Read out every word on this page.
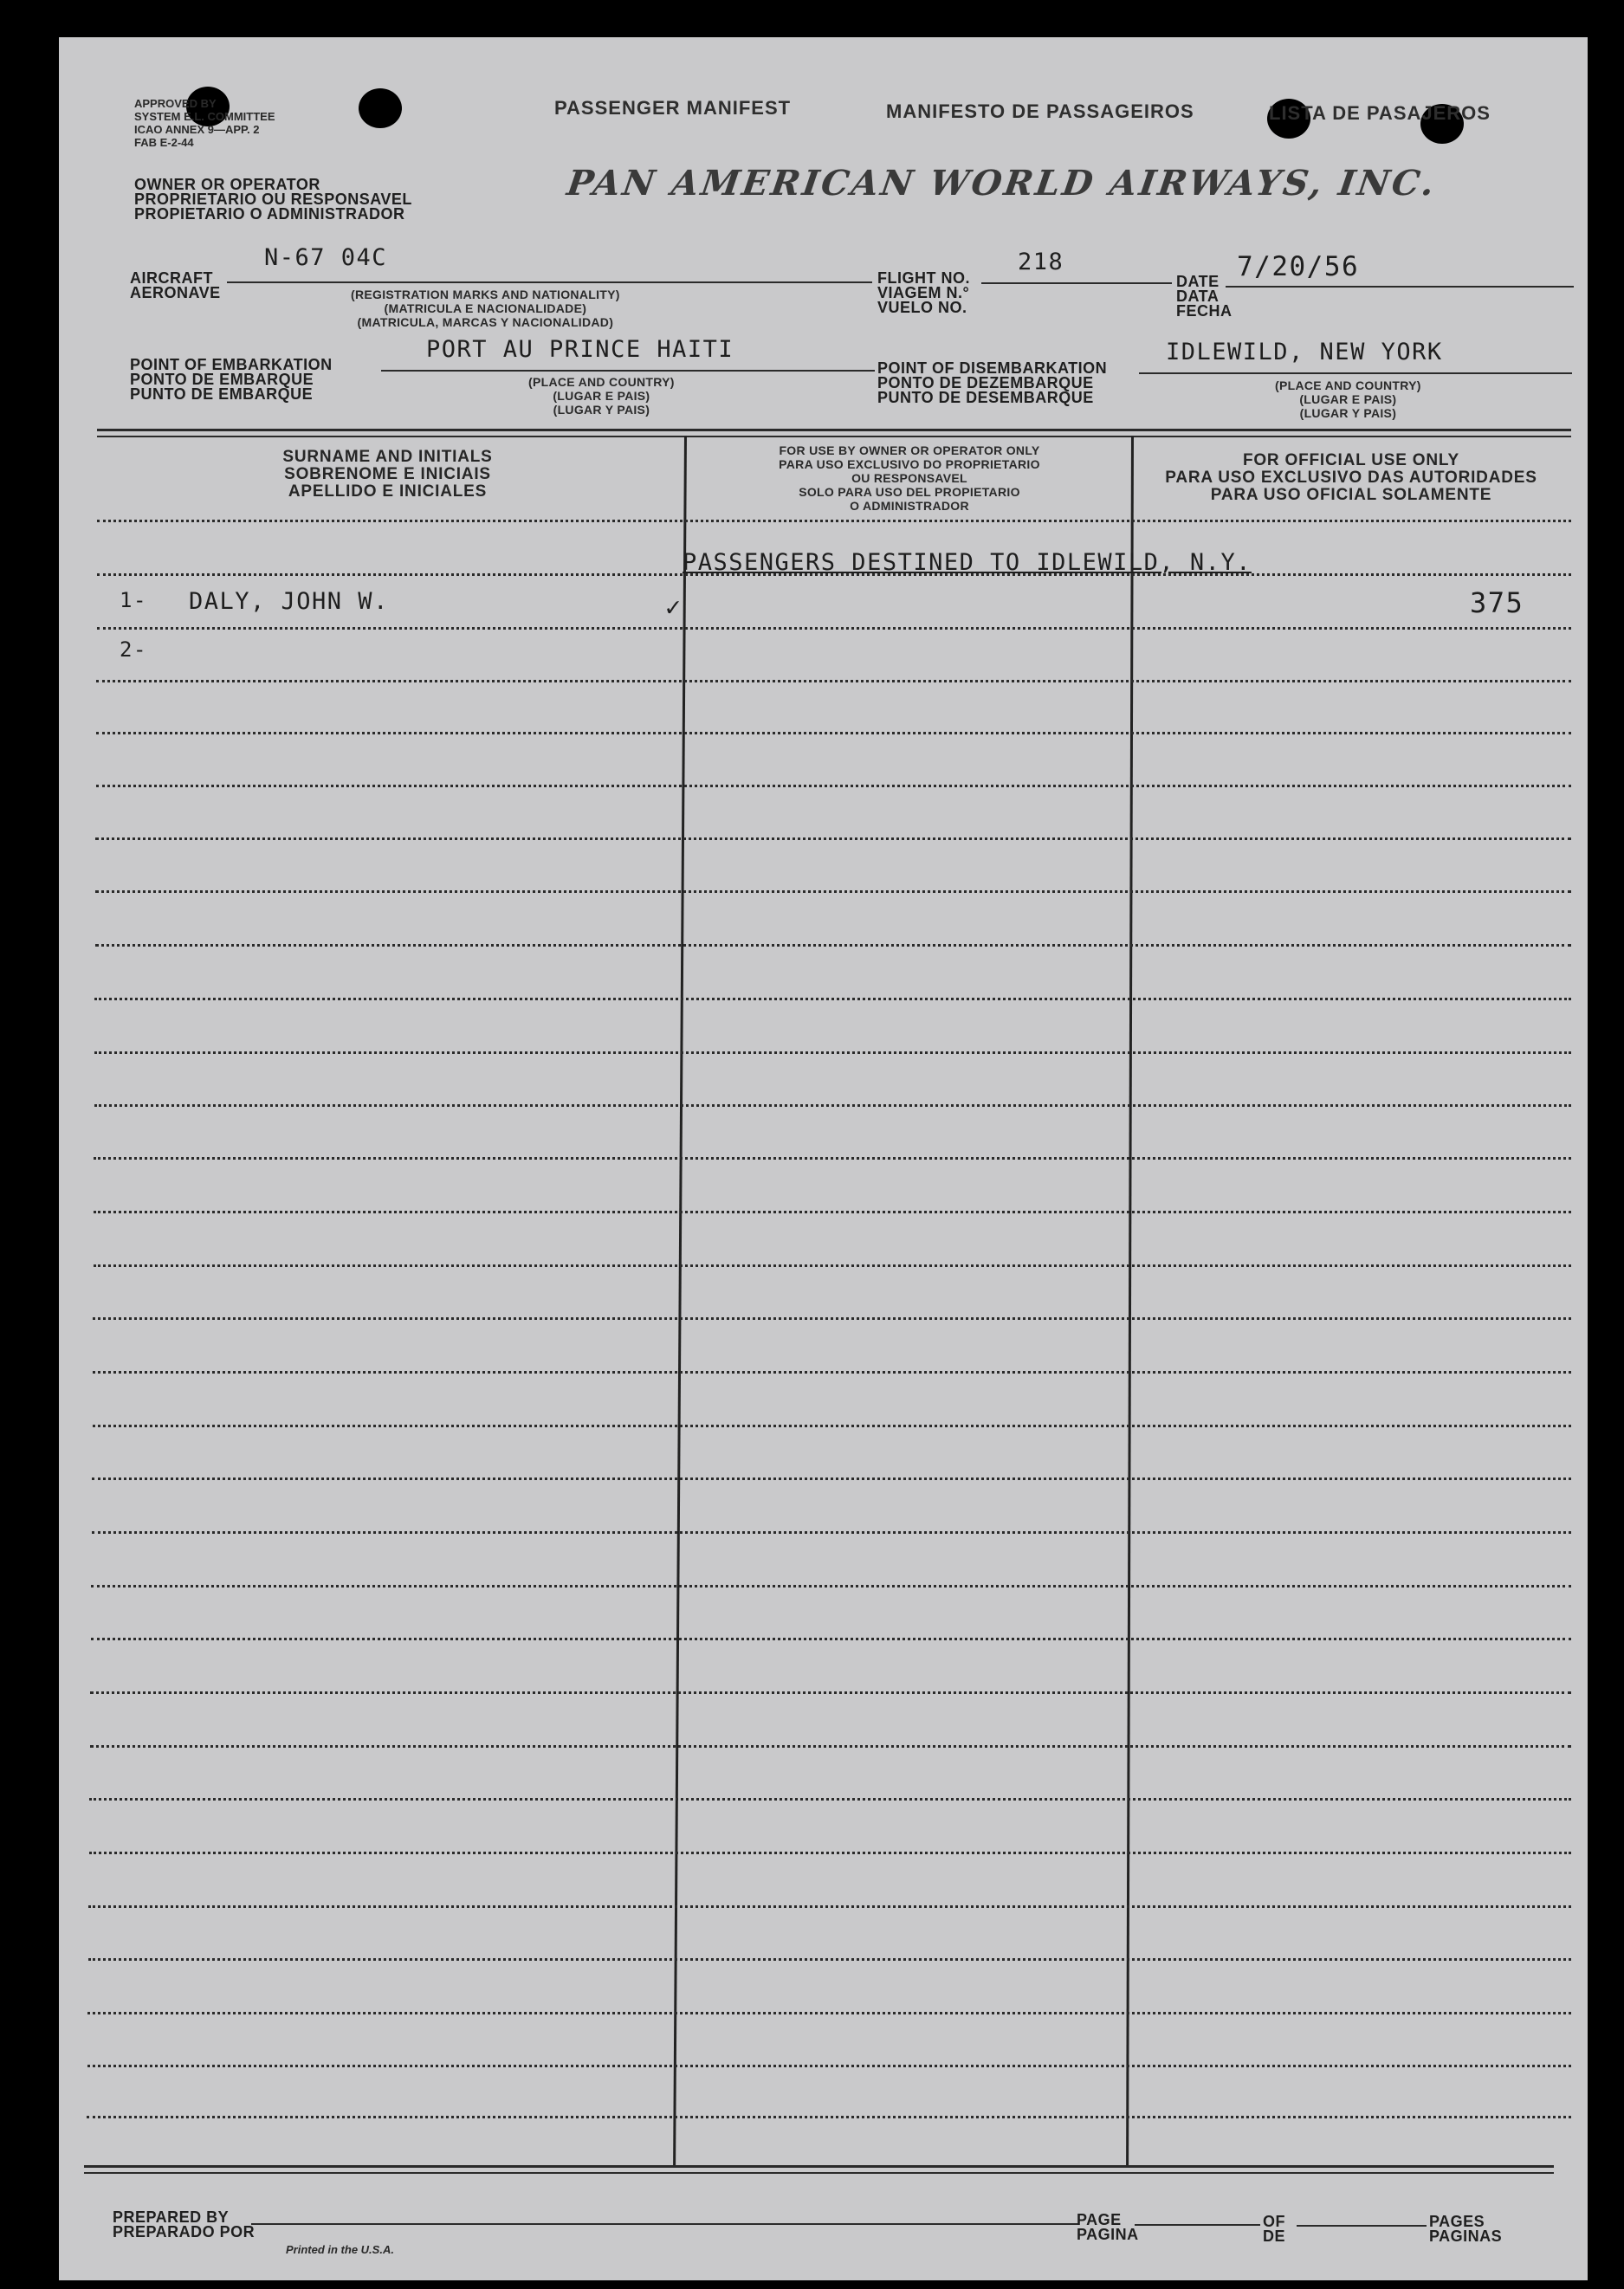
APPROVED BY
SYSTEM E.L. COMMITTEE
ICAO ANNEX 9—APP. 2
FAB E-2-44
PASSENGER MANIFEST	MANIFESTO DE PASSAGEIROS	LISTA DE PASAJEROS
OWNER OR OPERATOR
PROPRIETARIO OU RESPONSAVEL
PROPIETARIO O ADMINISTRADOR
PAN AMERICAN WORLD AIRWAYS, INC.
AIRCRAFT
AERONAVE
N-67 04C
(REGISTRATION MARKS AND NATIONALITY)
(MATRICULA E NACIONALIDADE)
(MATRICULA, MARCAS Y NACIONALIDAD)
FLIGHT NO.
VIAGEM N.°
VUELO NO.
218
DATE
DATA
FECHA
7/20/56
POINT OF EMBARKATION
PONTO DE EMBARQUE
PUNTO DE EMBARQUE
PORT AU PRINCE HAITI
(PLACE AND COUNTRY)
(LUGAR E PAIS)
(LUGAR Y PAIS)
POINT OF DISEMBARKATION
PONTO DE DEZEMBARQUE
PUNTO DE DESEMBARQUE
IDLEWILD, NEW YORK
(PLACE AND COUNTRY)
(LUGAR E PAIS)
(LUGAR Y PAIS)
SURNAME AND INITIALS
SOBRENOME E INICIAIS
APELLIDO E INICIALES
FOR USE BY OWNER OR OPERATOR ONLY
PARA USO EXCLUSIVO DO PROPRIETARIO
OU RESPONSAVEL
SOLO PARA USO DEL PROPIETARIO
O ADMINISTRADOR
FOR OFFICIAL USE ONLY
PARA USO EXCLUSIVO DAS AUTORIDADES
PARA USO OFICIAL SOLAMENTE
PASSENGERS DESTINED TO IDLEWILD, N.Y.
1- DALY, JOHN W.	✓	375
2-
PREPARED BY
PREPARADO POR
PAGE
PAGINA
OF
DE
PAGES
PAGINAS
Printed in the U.S.A.
